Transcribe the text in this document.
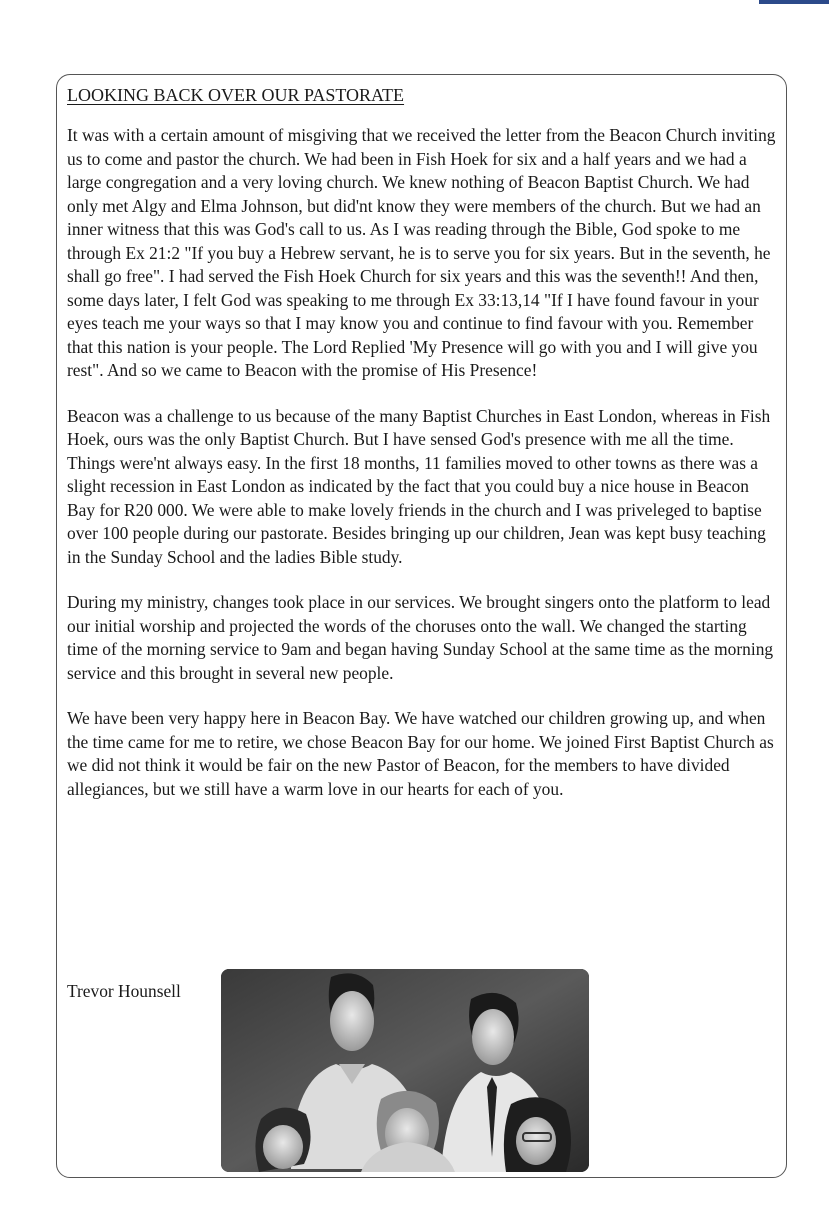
LOOKING BACK OVER OUR PASTORATE

It was with a certain amount of misgiving that we received the letter from the Beacon Church inviting us to come and pastor the church. We had been in Fish Hoek for six and a half years and we had a large congregation and a very loving church. We knew nothing of Beacon Baptist Church. We had only met Algy and Elma Johnson, but did'nt know they were members of the church. But we had an inner witness that this was God's call to us. As I was reading through the Bible, God spoke to me through Ex 21:2 "If you buy a Hebrew servant, he is to serve you for six years. But in the seventh, he shall go free". I had served the Fish Hoek Church for six years and this was the seventh!! And then, some days later, I felt God was speaking to me through Ex 33:13,14 "If I have found favour in your eyes teach me your ways so that I may know you and continue to find favour with you. Remember that this nation is your people. The Lord Replied 'My Presence will go with you and I will give you rest". And so we came to Beacon with the promise of His Presence!

Beacon was a challenge to us because of the many Baptist Churches in East London, whereas in Fish Hoek, ours was the only Baptist Church. But I have sensed God's presence with me all the time. Things were'nt always easy. In the first 18 months, 11 families moved to other towns as there was a slight recession in East London as indicated by the fact that you could buy a nice house in Beacon Bay for R20 000. We were able to make lovely friends in the church and I was priveleged to baptise over 100 people during our pastorate. Besides bringing up our children, Jean was kept busy teaching in the Sunday School and the ladies Bible study.

During my ministry, changes took place in our services. We brought singers onto the platform to lead our initial worship and projected the words of the choruses onto the wall. We changed the starting time of the morning service to 9am and began having Sunday School at the same time as the morning service and this brought in several new people.

We have been very happy here in Beacon Bay. We have watched our children growing up, and when the time came for me to retire, we chose Beacon Bay for our home. We joined First Baptist Church as we did not think it would be fair on the new Pastor of Beacon, for the members to have divided allegiances, but we still have a warm love in our hearts for each of you.

Trevor Hounsell
